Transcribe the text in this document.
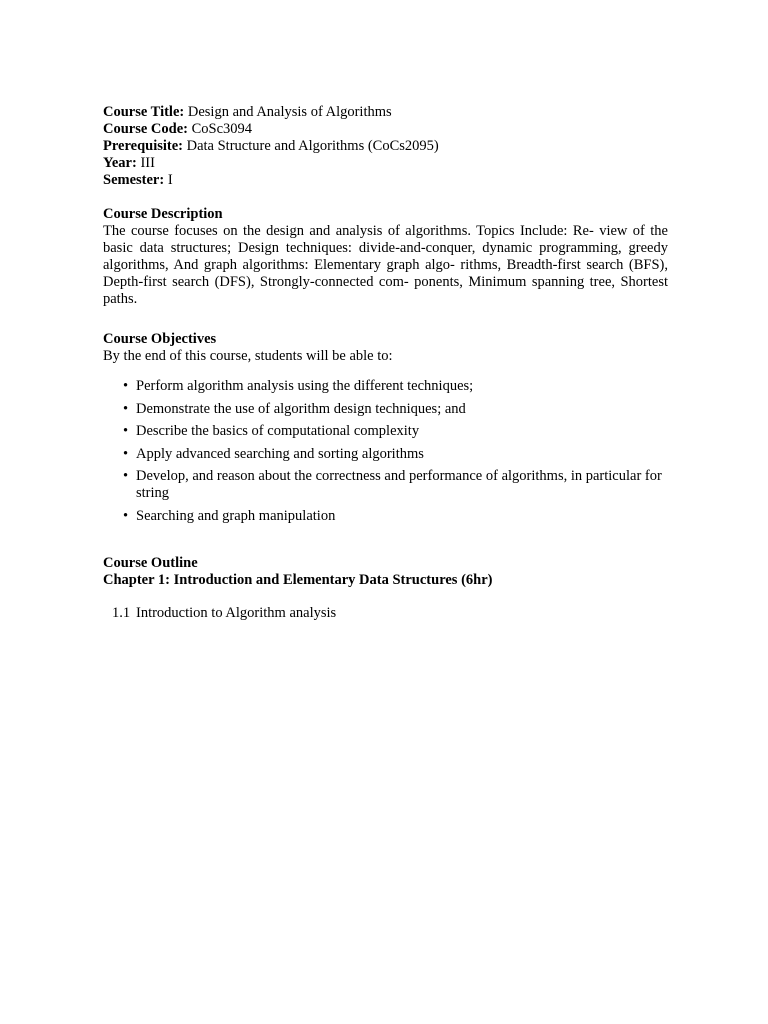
Course Title: Design and Analysis of Algorithms

Course Code: CoSc3094

Prerequisite: Data Structure and Algorithms (CoCs2095)

Year: III

Semester: I

Course Description

The course focuses on the design and analysis of algorithms. Topics Include: Re- view of the basic data structures; Design techniques: divide-and-conquer, dynamic programming, greedy algorithms, And graph algorithms: Elementary graph algo- rithms, Breadth-first search (BFS), Depth-first search (DFS), Strongly-connected com- ponents, Minimum spanning tree, Shortest paths.

Course Objectives

By the end of this course, students will be able to:

• Perform algorithm analysis using the different techniques;
• Demonstrate the use of algorithm design techniques; and
• Describe the basics of computational complexity
• Apply advanced searching and sorting algorithms
• Develop, and reason about the correctness and performance of algorithms, in particular for string
• Searching and graph manipulation

Course Outline

Chapter 1: Introduction and Elementary Data Structures (6hr)

1.1 Introduction to Algorithm analysis
